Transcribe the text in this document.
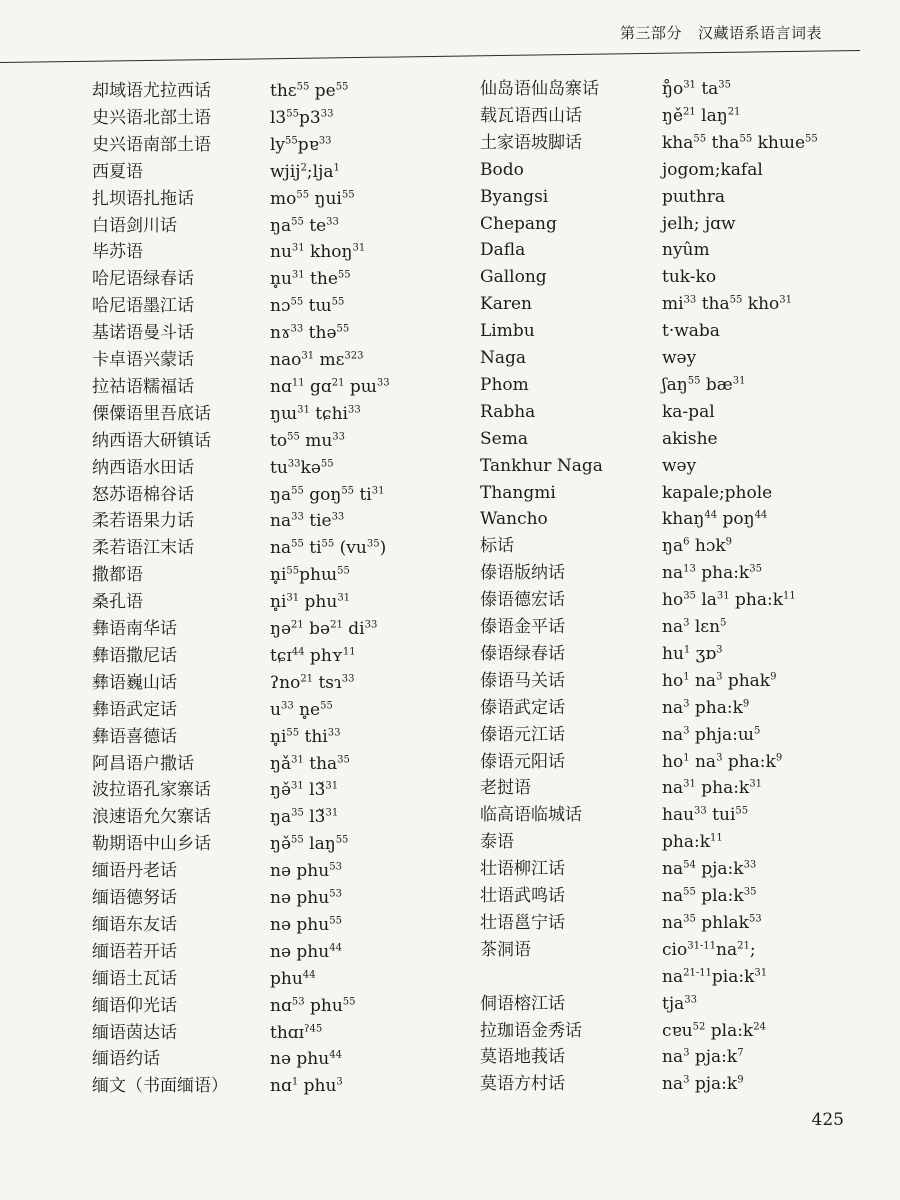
第三部分 汉藏语系语言词表
却域语尤拉西话	thɛ$^{55}$ $pe^{55}$
史兴语北部土语	$l3^{55}p3^{33}$
史兴语南部土语	$ly^{55}pɐ^{33}$
西夏语	wjij$^2$;lja$^1$
扎坝语扎拖话	$mo^{55}$ ŋui$^{55}$
白语剑川话	$ŋa^{55}$ $te^{33}$
毕苏语	$nu^{31}$ khoŋ$^{31}$
哈尼语绿春话	$n̥u^{31}$ the$^{55}$
哈尼语墨江话	nɔ$^{55}$ tɯ$^{55}$
基诺语曼斗话	nɤ$^{33}$ thə$^{55}$
卡卓语兴蒙话	nao$^{31}$ mɛ$^{323}$
拉祜语糯福话	nɑ$^{11}$ gɑ$^{21}$ pɯ$^{33}$
傈僳语里吾底话	ŋɯ$^{31}$ tɕhi$^{33}$
纳西语大研镇话	$to^{55}$ $mu^{33}$
纳西语水田话	$tu^{33}kə^{55}$
怒苏语棉谷话	$ŋa^{55}$ goŋ$^{55}$ $ti^{31}$
柔若语果力话	$na^{33}$ tie$^{33}$
柔若语江末话	$na^{55}$ $ti^{55}$ $(vu^{35})$
撒都语	$n̥i^{55}phɯ^{55}$
桑孔语	$n̥i^{31}$ phu$^{31}$
彝语南华话	ŋə$^{21}$ bə$^{21}$ $di^{33}$
彝语撒尼话	tɕɪ$^{44}$ phʏ$^{11}$
彝语巍山话	ʔno$^{21}$ tsɿ$^{33}$
彝语武定话	$u^{33}$ $n̥e^{55}$
彝语喜德话	$n̥i^{55}$ thi$^{33}$
阿昌语户撒话	$ŋǎ^{31}$ tha$^{35}$
波拉语孔家寨话	ŋə̌$^{31}$ l3̌$^{31}$
浪速语允欠寨话	$ŋa^{35}$ l3̌$^{31}$
勒期语中山乡话	ŋə̌$^{55}$ laŋ$^{55}$
缅语丹老话	nə phu$^{53}$
缅语德努话	nə phu$^{53}$
缅语东友话	nə phu$^{55}$
缅语若开话	nə phu$^{44}$
缅语土瓦话	phu$^{44}$
缅语仰光话	nɑ$^{53}$ phu$^{55}$
缅语茵达话	thɑɪ$^{ʔ45}$
缅语约话	nə phu$^{44}$
缅文（书面缅语） nɑ$^1$ phu$^3$
仙岛语仙岛寨话	$ŋ̊o^{31}$ $ta^{35}$
载瓦语西山话	$ŋě^{21}$ laŋ$^{21}$
土家语坡脚话	kha$^{55}$ tha$^{55}$ khɯe$^{55}$
Bodo	jogom;kafal
Byangsi	pɯthra
Chepang	jelh; jɑw
Dafla	nyûm
Gallong	tuk-ko
Karen	$mi^{33}$ tha$^{55}$ kho$^{31}$
Limbu	t·waba
Naga	wəy
Phom	ʃaŋ$^{55}$ $bæ^{31}$
Rabha	ka-pal
Sema	akishe
Tankhur Naga	wəy
Thangmi	kapale;phole
Wancho	khaŋ$^{44}$ poŋ$^{44}$
标话	$ŋa^6$ hɔk$^9$
傣语版纳话	$na^{13}$ $pha:k^{35}$
傣语德宏话	$ho^{35}$ $la^{31}$ $pha:k^{11}$
傣语金平话	$na^3$ lɛn$^5$
傣语绿春话	$hu^1$ ʒɒ$^3$
傣语马关话	$ho^1$ $na^3$ phak$^9$
傣语武定话	$na^3$ $pha:k^9$
傣语元江话	$na^3$ phja:ɯ$^5$
傣语元阳话	$ho^1$ $na^3$ $pha:k^9$
老挝语	$na^{31}$ $pha:k^{31}$
临高语临城话	hau$^{33}$ tui$^{55}$
泰语	$pha:k^{11}$
壮语柳江话	$na^{54}$ $pja:k^{33}$
壮语武鸣话	$na^{55}$ $pla:k^{35}$
壮语邕宁话	$na^{35}$ phlak$^{53}$
茶洞语	$cio^{31-11}na^{21}$;
$na^{21-11}pia:k^{31}$
侗语榕江话	tja$^{33}$
拉珈语金秀话	cɐu$^{52}$ $pla:k^{24}$
莫语地莪话	$na^3$ $pja:k^7$
莫语方村话	$na^3$ $pja:k^9$
425
